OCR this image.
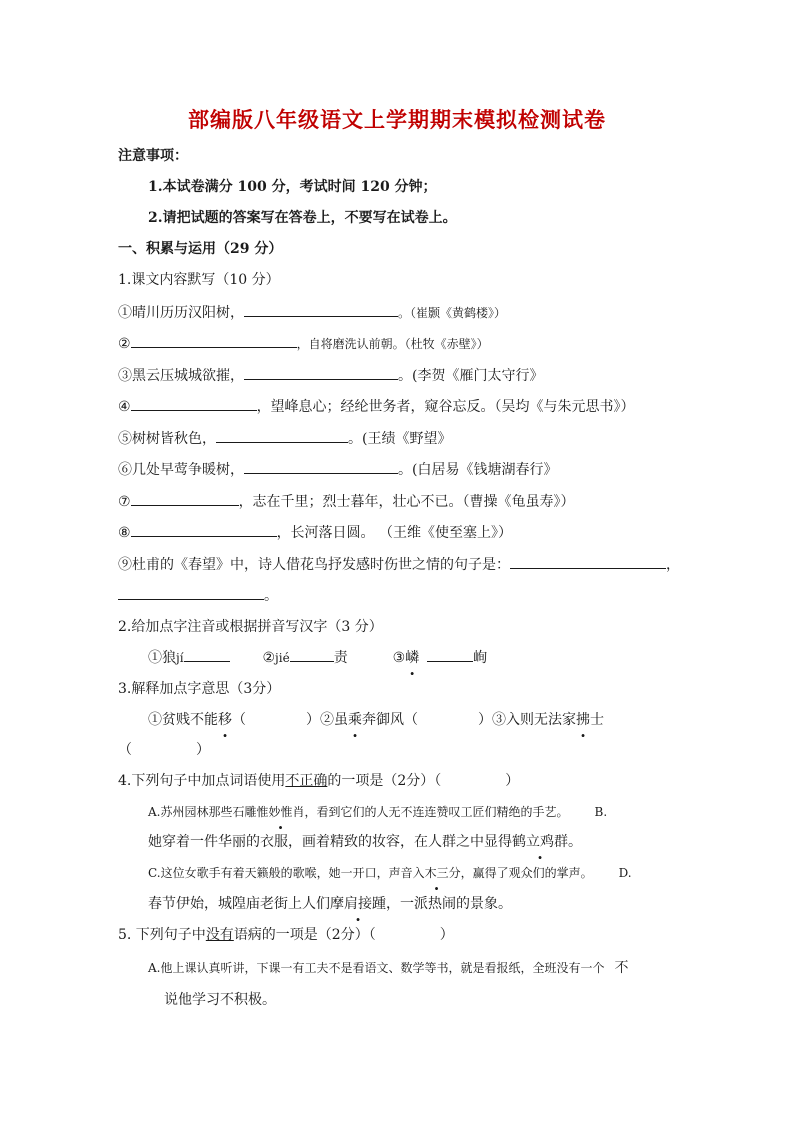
部编版八年级语文上学期期末模拟检测试卷
注意事项：
1.本试卷满分 100 分，考试时间 120 分钟；
2.请把试题的答案写在答卷上，不要写在试卷上。
一、积累与运用（29 分）
1.课文内容默写（10 分）
①晴川历历汉阳树，	。（崔颢《黄鹤楼》）
②	，自将磨洗认前朝。（杜牧《赤壁》）
③黑云压城城欲摧，	。(李贺《雁门太守行》
④	，望峰息心；经纶世务者，窥谷忘反。（吴均《与朱元思书》）
⑤树树皆秋色，	。(王绩《野望》
⑥几处早莺争暖树，	。(白居易《钱塘湖春行》
⑦	，志在千里；烈士暮年，壮心不已。（曹操《龟虽寿》）
⑧	，长河落日圆。 （王维《使至塞上》）
⑨杜甫的《春望》中，诗人借花鸟抒发感时伤世之情的句子是：	，
。
2.给加点字注音或根据拼音写汉字（3 分）
①狼jí	②jié	责	③嶙	峋
3.解释加点字意思（3分）
①贫贱不能移（	）②虽乘奔御风（	）③入则无法家拂士
（	）
4.下列句子中加点词语使用不正确的一项是（2分）（	）
A.苏州园林那些石雕惟妙惟肖，看到它们的人无不连连赞叹工匠们精绝的手艺。 B.
她穿着一件华丽的衣服，画着精致的妆容，在人群之中显得鹤立鸡群。
C.这位女歌手有着天籁般的歌喉，她一开口，声音入木三分，赢得了观众们的掌声。 D.
春节伊始，城隍庙老街上人们摩肩接踵，一派热闹的景象。
5. 下列句子中没有语病的一项是（2分）（	）
A.他上课认真听讲，下课一有工夫不是看语文、数学等书，就是看报纸，全班没有一个 不
说他学习不积极。
